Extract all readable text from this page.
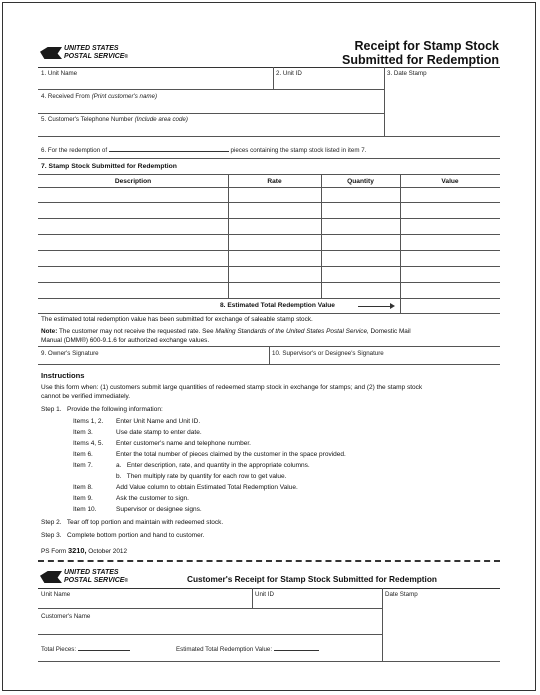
UNITED STATES
POSTAL SERVICE®
Receipt for Stamp Stock
Submitted for Redemption
1. Unit Name	2. Unit ID	3. Date Stamp
4. Received From (Print customer's name)
5. Customer's Telephone Number (Include area code)
6. For the redemption of	pieces containing the stamp stock listed in item 7.
7. Stamp Stock Submitted for Redemption
Description	Rate	Quantity	Value
8. Estimated Total Redemption Value
The estimated total redemption value has been submitted for exchange of saleable stamp stock.
Note: The customer may not receive the requested rate. See Mailing Standards of the United States Postal Service, Domestic Mail
Manual (DMM®) 600-9.1.6 for authorized exchange values.
9. Owner's Signature	10. Supervisor's or Designee's Signature
Instructions
Use this form when: (1) customers submit large quantities of redeemed stamp stock in exchange for stamps; and (2) the stamp stock
cannot be verified immediately.
Step 1.   Provide the following information:
Items 1, 2. Enter Unit Name and Unit ID.
Item 3.	Use date stamp to enter date.
Items 4, 5. Enter customer's name and telephone number.
Item 6.	Enter the total number of pieces claimed by the customer in the space provided.
Item 7.	a.   Enter description, rate, and quantity in the appropriate columns.
b.   Then multiply rate by quantity for each row to get value.
Item 8.	Add Value column to obtain Estimated Total Redemption Value.
Item 9.	Ask the customer to sign.
Item 10.	Supervisor or designee signs.
Step 2.   Tear off top portion and maintain with redeemed stock.
Step 3.   Complete bottom portion and hand to customer.
PS Form 3210, October 2012
UNITED STATES
POSTAL SERVICE®	Customer's Receipt for Stamp Stock Submitted for Redemption
Unit Name	Unit ID	Date Stamp
Customer's Name
Total Pieces:	Estimated Total Redemption Value:
